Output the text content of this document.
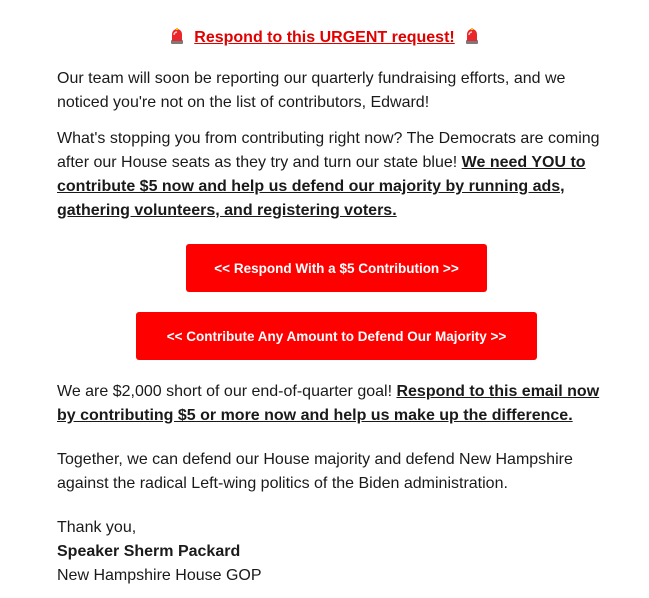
Respond to this URGENT request!

Our team will soon be reporting our quarterly fundraising efforts, and we noticed you're not on the list of contributors, Edward!

What's stopping you from contributing right now? The Democrats are coming after our House seats as they try and turn our state blue! We need YOU to contribute $5 now and help us defend our majority by running ads, gathering volunteers, and registering voters.

<< Respond With a $5 Contribution >>
<< Contribute Any Amount to Defend Our Majority >>

We are $2,000 short of our end-of-quarter goal! Respond to this email now by contributing $5 or more now and help us make up the difference.

Together, we can defend our House majority and defend New Hampshire against the radical Left-wing politics of the Biden administration.

Thank you,
Speaker Sherm Packard
New Hampshire House GOP
